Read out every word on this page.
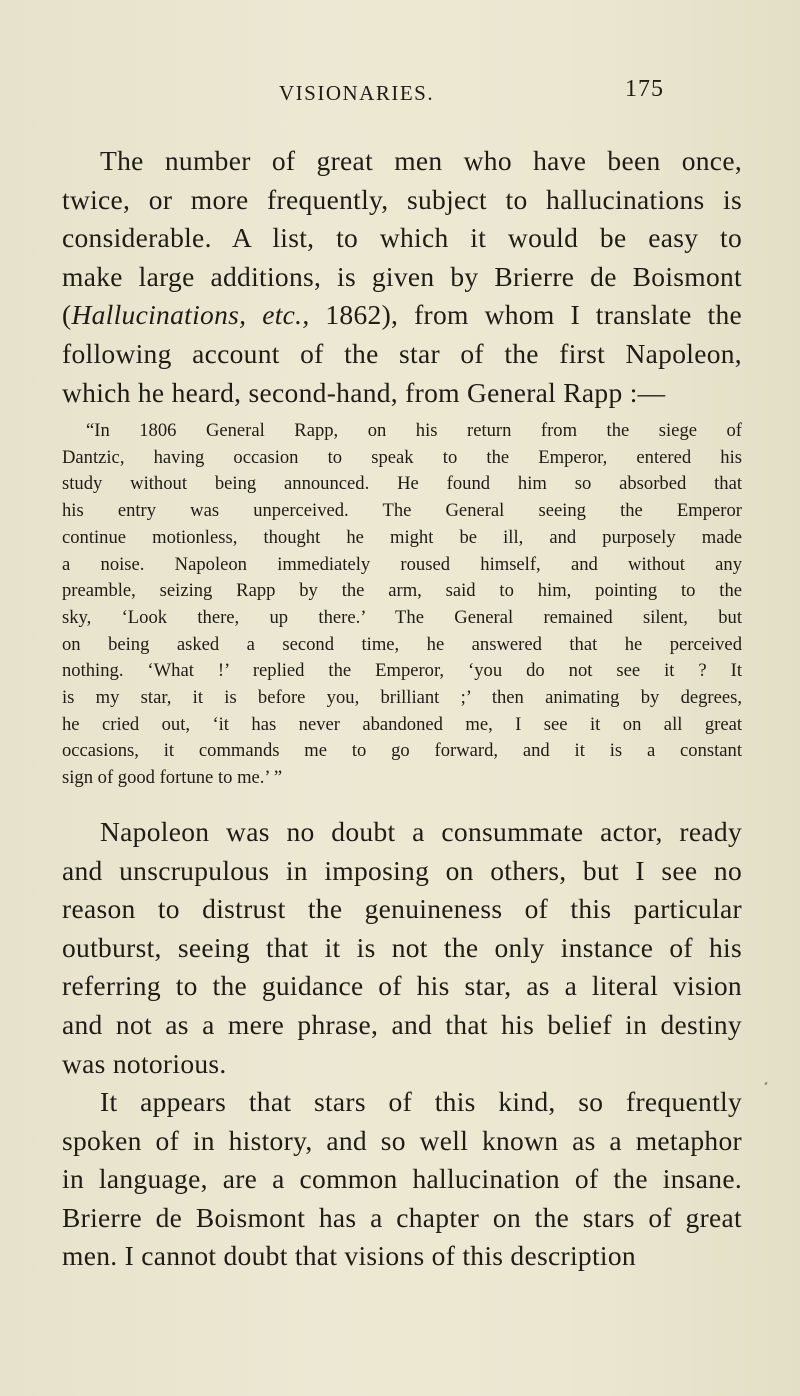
VISIONARIES.	175
The number of great men who have been once,
twice, or more frequently, subject to hallucinations is
considerable. A list, to which it would be easy to
make large additions, is given by Brierre de Boismont
(Hallucinations, etc., 1862), from whom I translate the
following account of the star of the first Napoleon,
which he heard, second-hand, from General Rapp :—
“In 1806 General Rapp, on his return from the siege of
Dantzic, having occasion to speak to the Emperor, entered his
study without being announced. He found him so absorbed that
his entry was unperceived. The General seeing the Emperor
continue motionless, thought he might be ill, and purposely made
a noise. Napoleon immediately roused himself, and without any
preamble, seizing Rapp by the arm, said to him, pointing to the
sky, ‘Look there, up there.’ The General remained silent, but
on being asked a second time, he answered that he perceived
nothing. ‘What !’ replied the Emperor, ‘you do not see it ? It
is my star, it is before you, brilliant ;’ then animating by degrees,
he cried out, ‘it has never abandoned me, I see it on all great
occasions, it commands me to go forward, and it is a constant
sign of good fortune to me.’ ”
Napoleon was no doubt a consummate actor, ready
and unscrupulous in imposing on others, but I see no
reason to distrust the genuineness of this particular
outburst, seeing that it is not the only instance of his
referring to the guidance of his star, as a literal vision
and not as a mere phrase, and that his belief in destiny
was notorious.
It appears that stars of this kind, so frequently
spoken of in history, and so well known as a metaphor
in language, are a common hallucination of the insane.
Brierre de Boismont has a chapter on the stars of great
men. I cannot doubt that visions of this description
